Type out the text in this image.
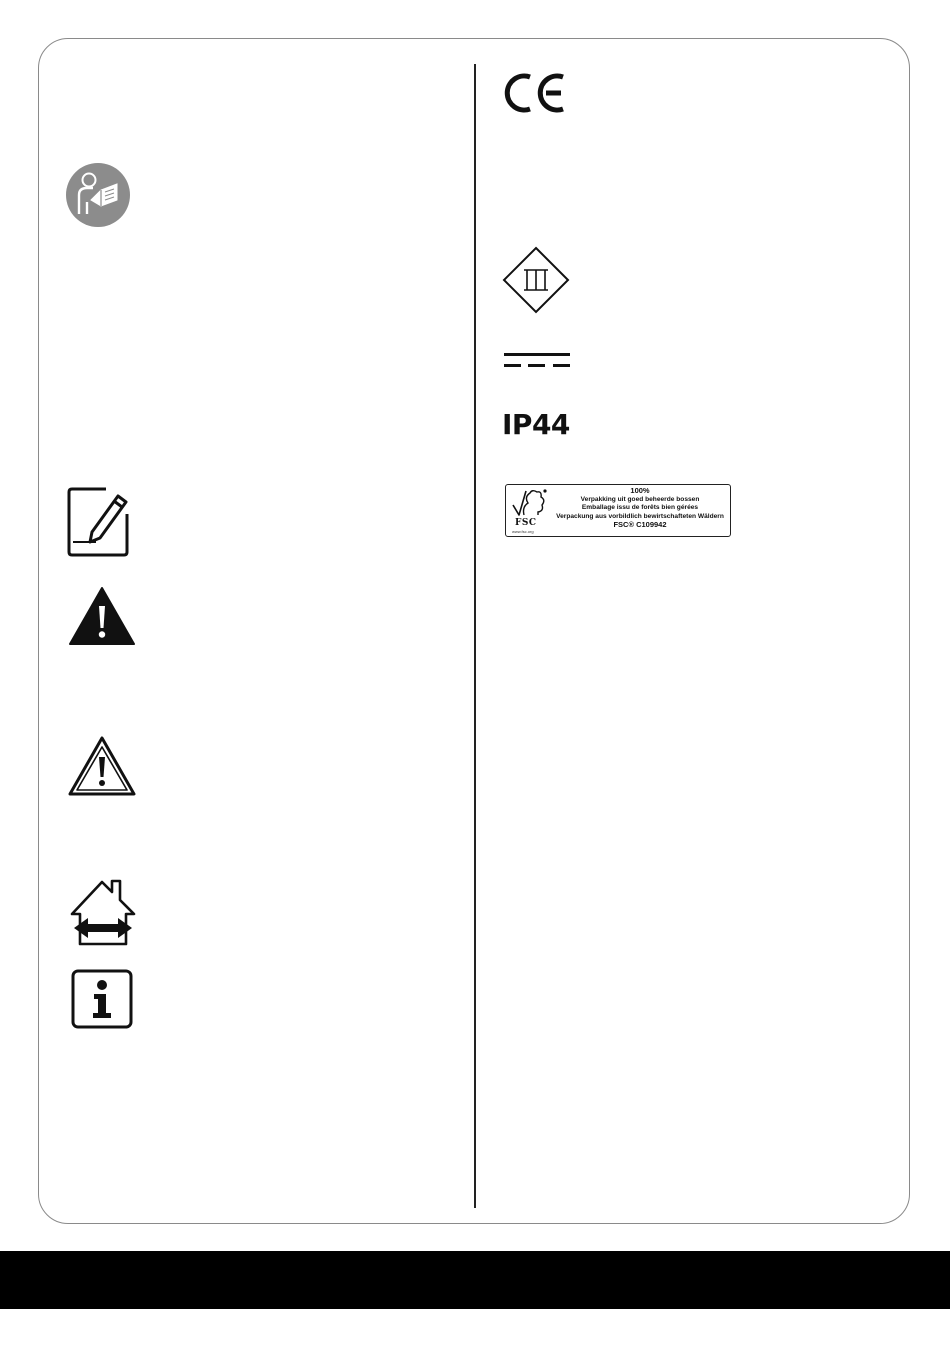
IP44
FSC
www.fsc.org
100%
Verpakking uit goed beheerde bossen
Emballage issu de forêts bien gérées
Verpackung aus vorbildlich bewirtschafteten Wäldern
FSC® C109942
